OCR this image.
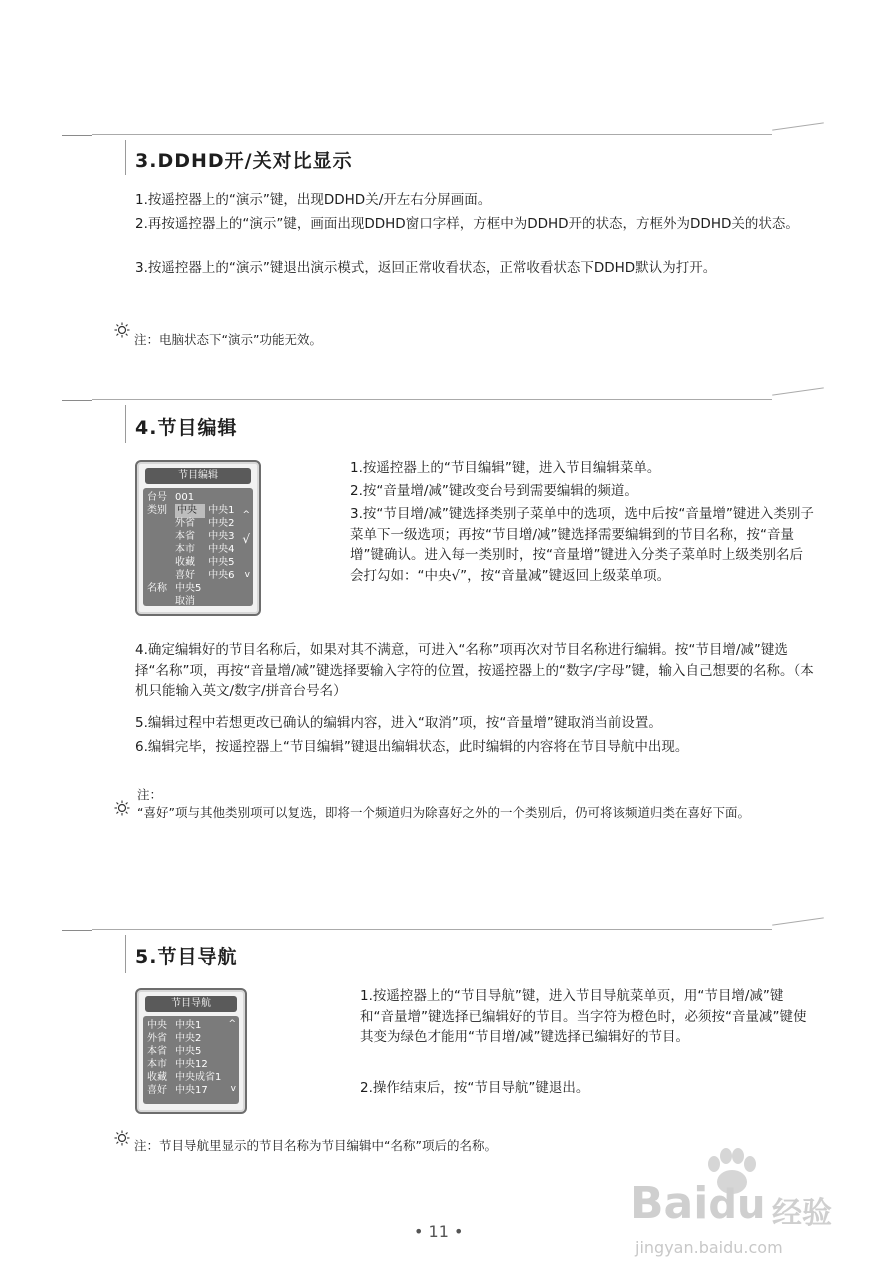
3.DDHD开/关对比显示

1.按遥控器上的“演示”键，出现DDHD关/开左右分屏画面。

2.再按遥控器上的“演示”键，画面出现DDHD窗口字样，方框中为DDHD开的状态，方框外为DDHD关的状态。

3.按遥控器上的“演示”键退出演示模式，返回正常收看状态，正常收看状态下DDHD默认为打开。

注：电脑状态下“演示”功能无效。

4.节目编辑
节目编辑
台号 001
类别 中央 中央1
外省 中央2
本省 中央3
本市 中央4
收藏 中央5
喜好 中央6
名称 中央5
取消
^
√
v

1.按遥控器上的“节目编辑”键，进入节目编辑菜单。

2.按“音量增/减”键改变台号到需要编辑的频道。

3.按“节目增/减”键选择类别子菜单中的选项，选中后按“音量增”键进入类别子菜单下一级选项；再按“节目增/减”键选择需要编辑到的节目名称，按“音量增”键确认。进入每一类别时，按“音量增”键进入分类子菜单时上级类别名后会打勾如：“中央√”，按“音量减”键返回上级菜单项。

4.确定编辑好的节目名称后，如果对其不满意，可进入“名称”项再次对节目名称进行编辑。按“节目增/减”键选择“名称”项，再按“音量增/减”键选择要输入字符的位置，按遥控器上的“数字/字母”键，输入自己想要的名称。（本机只能输入英文/数字/拼音台号名）

5.编辑过程中若想更改已确认的编辑内容，进入“取消”项，按“音量增”键取消当前设置。

6.编辑完毕，按遥控器上“节目编辑”键退出编辑状态，此时编辑的内容将在节目导航中出现。

注：

“喜好”项与其他类别项可以复选，即将一个频道归为除喜好之外的一个类别后，仍可将该频道归类在喜好下面。

5.节目导航
节目导航
中央 中央1
外省 中央2
本省 中央5
本市 中央12
收藏 中央成省1
喜好 中央17
^
v

1.按遥控器上的“节目导航”键，进入节目导航菜单页，用“节目增/减”键和“音量增”键选择已编辑好的节目。当字符为橙色时，必须按“音量减”键使其变为绿色才能用“节目增/减”键选择已编辑好的节目。

2.操作结束后，按“节目导航”键退出。

注：节目导航里显示的节目名称为节目编辑中“名称”项后的名称。

Baidu 经验
jingyan.baidu.com
• 11 •
